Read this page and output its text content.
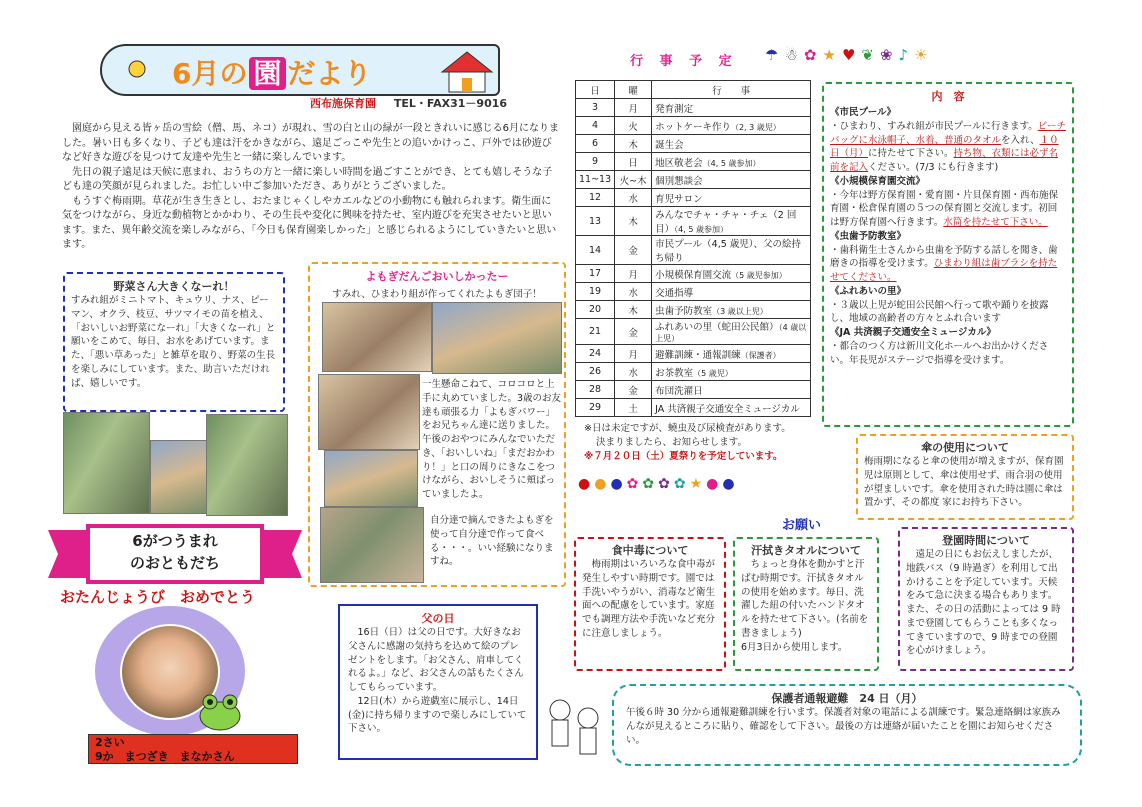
6月の 園 だより
西布施保育園 TEL・FAX31－9016

園庭から見える皆ヶ岳の雪絵（僧、馬、ネコ）が現れ、雪の白と山の緑が一段ときれいに感じる6月になりました。暑い日も多くなり、子ども達は汗をかきながら、遠足ごっこや先生との追いかけっこ、戸外では砂遊びなど好きな遊びを見つけて友達や先生と一緒に楽しんでいます。

先日の親子遠足は天候に恵まれ、おうちの方と一緒に楽しい時間を過ごすことができ、とても嬉しそうな子ども達の笑顔が見られました。お忙しい中ご参加いただき、ありがとうございました。

もうすぐ梅雨期。草花が生き生きとし、おたまじゃくしやカエルなどの小動物にも触れられます。衛生面に気をつけながら、身近な動植物とかかわり、その生長や変化に興味を持たせ、室内遊びを充実させたいと思います。また、異年齢交流を楽しみながら、「今日も保育園楽しかった」と感じられるようにしていきたいと思います。

野菜さん大きくなーれ！
すみれ組がミニトマト、キュウリ、ナス、ピーマン、オクラ、枝豆、サツマイモの苗を植え、「おいしいお野菜になーれ」「大きくなーれ」と願いをこめて、毎日、お水をあげています。また、「悪い草あった」と雑草を取り、野菜の生長を楽しみにしています。また、助言いただければ、嬉しいです。
よもぎだんごおいしかったー
すみれ、ひまわり組が作ってくれたよもぎ団子！
一生懸命こねて、コロコロと上手に丸めていました。3歳のお友達も頑張る力「よもぎパワー」をお兄ちゃん達に送りました。午後のおやつにみんなでいただき、「おいしいね」「まだおかわり！」と口の周りにきなこをつけながら、おいしそうに頬ばっていましたよ。
自分達で摘んできたよもぎを使って自分達で作って食べる・・・。いい経験になりますね。
6がつうまれ
のおともだち
おたんじょうび　おめでとう
2さい
9か　まつざき　まなかさん
父の日
16日（日）は父の日です。大好きなお父さんに感謝の気持ちを込めて絵のプレゼントをします。「お父さん、肩車してくれるよ。」など、お父さんの話もたくさんしてもらっています。
12日(木）から遊戯室に展示し、14日(金)に持ち帰りますので楽しみにしていて下さい。
行 事 予 定	☂☃✿★♥❦❀♪☀
日	曜	行　　事
3	月	発育測定
4	火	ホットケーキ作り（2, 3 歳児）
6	木	誕生会
9	日	地区敬老会（4, 5 歳参加）
11~13	火~木	個別懇談会
12	水	育児サロン
13	木	みんなでチャ・チャ・チェ（2 回目）（4, 5 歳参加）
14	金	市民プール（4,5 歳児）、父の絵持ち帰り
17	月	小規模保育園交流（5 歳児参加）
19	水	交通指導
20	木	虫歯予防教室（3 歳以上児）
21	金	ふれあいの里（蛇田公民館）（4 歳以上児）
24	月	避難訓練・通報訓練（保護者）
26	水	お茶教室（5 歳児）
28	金	布団洗濯日
29	土	JA 共済親子交通安全ミュージカル
※日は未定ですが、蟯虫及び尿検査があります。
決まりましたら、お知らせします。
※７月２０日（土）夏祭りを予定しています。
●●●✿✿✿✿★●●
内　容
《市民プール》
・ひまわり、すみれ組が市民プールに行きます。ビーチバッグに水泳帽子、水着、普通のタオルを入れ、１０日（月）に持たせて下さい。持ち物、衣類には必ず名前を記入ください。(7/3 にも行きます)
《小規模保育園交流》
・今年は野方保育園・愛育園・片貝保育園・西布施保育園・松倉保育園の５つの保育園と交流します。初回は野方保育園へ行きます。水筒を持たせて下さい。
《虫歯予防教室》
・歯科衛生士さんから虫歯を予防する話しを聞き、歯磨きの指導を受けます。ひまわり組は歯ブラシを持たせてください。
《ふれあいの里》
・３歳以上児が蛇田公民館へ行って歌や踊りを披露し、地域の高齢者の方々とふれ合います
《JA 共済親子交通安全ミュージカル》
・都合のつく方は新川文化ホールへお出かけください。年長児がステージで指導を受けます。
傘の使用について
梅雨期になると傘の使用が増えますが、保育園児は原則として、傘は使用せず、雨合羽の使用が望ましいです。傘を使用された時は園に傘は置かず、その都度 家にお持ち下さい。
お願い
食中毒について
梅雨期はいろいろな食中毒が発生しやすい時期です。園では手洗いやうがい、消毒など衛生面への配慮をしています。家庭でも調理方法や手洗いなど充分に注意しましょう。
汗拭きタオルについて
ちょっと身体を動かすと汗ばむ時期です。汗拭きタオルの使用を始めます。毎日、洗濯した紐の付いたハンドタオルを持たせて下さい。(名前を書きましょう)
6月3日から使用します。
登園時間について
遠足の日にもお伝えしましたが、地鉄バス（9 時過ぎ）を利用して出かけることを予定しています。天候をみて急に決まる場合もあります。また、その日の活動によっては 9 時まで登園してもらうことも多くなってきていますので、9 時までの登園を心がけましょう。
保護者通報避難　24 日（月）
午後６時 30 分から通報避難訓練を行います。保護者対象の電話による訓練です。緊急連絡網は家族みんなが見えるところに貼り、確認をして下さい。最後の方は連絡が届いたことを園にお知らせください。
